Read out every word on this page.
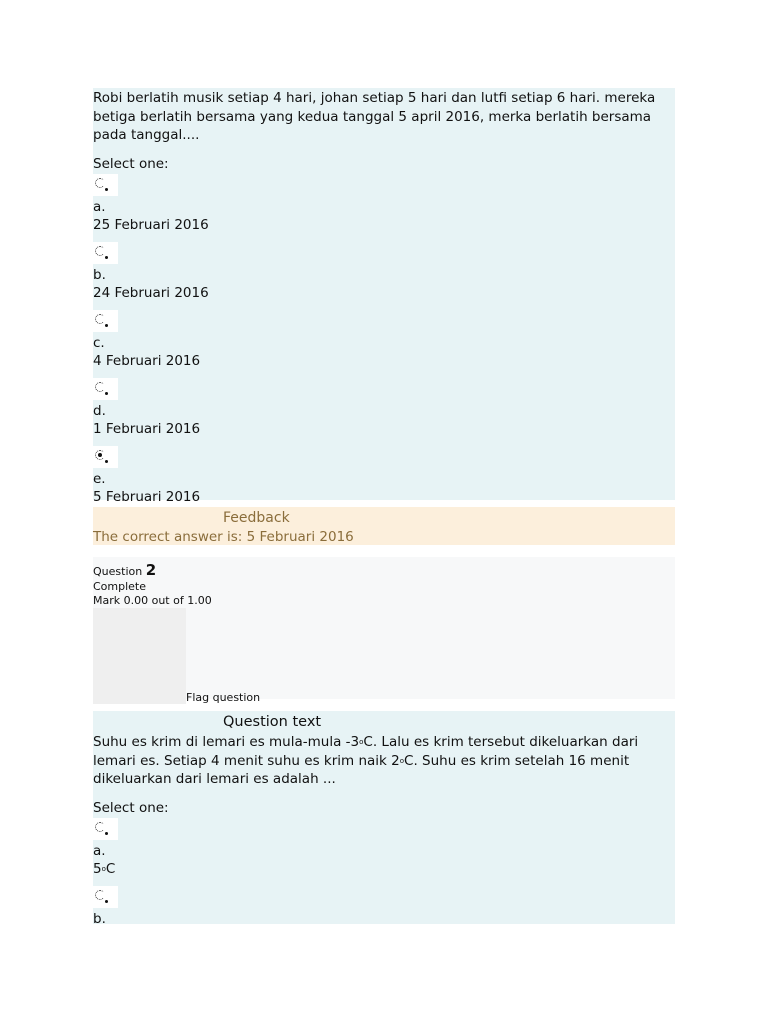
Robi berlatih musik setiap 4 hari, johan setiap 5 hari dan lutfi setiap 6 hari. mereka betiga berlatih bersama yang kedua tanggal 5 april 2016, merka berlatih bersama pada tanggal....
Select one:
a.
25 Februari 2016
b.
24 Februari 2016
c.
4 Februari 2016
d.
1 Februari 2016
e.
5 Februari 2016
Feedback
The correct answer is: 5 Februari 2016
Question 2
Complete
Mark 0.00 out of 1.00
Flag question
Question text
Suhu es krim di lemari es mula-mula -3$^o$C. Lalu es krim tersebut dikeluarkan dari lemari es. Setiap 4 menit suhu es krim naik 2$^o$C. Suhu es krim setelah 16 menit dikeluarkan dari lemari es adalah ...
Select one:
a.
5$^o$C
b.
